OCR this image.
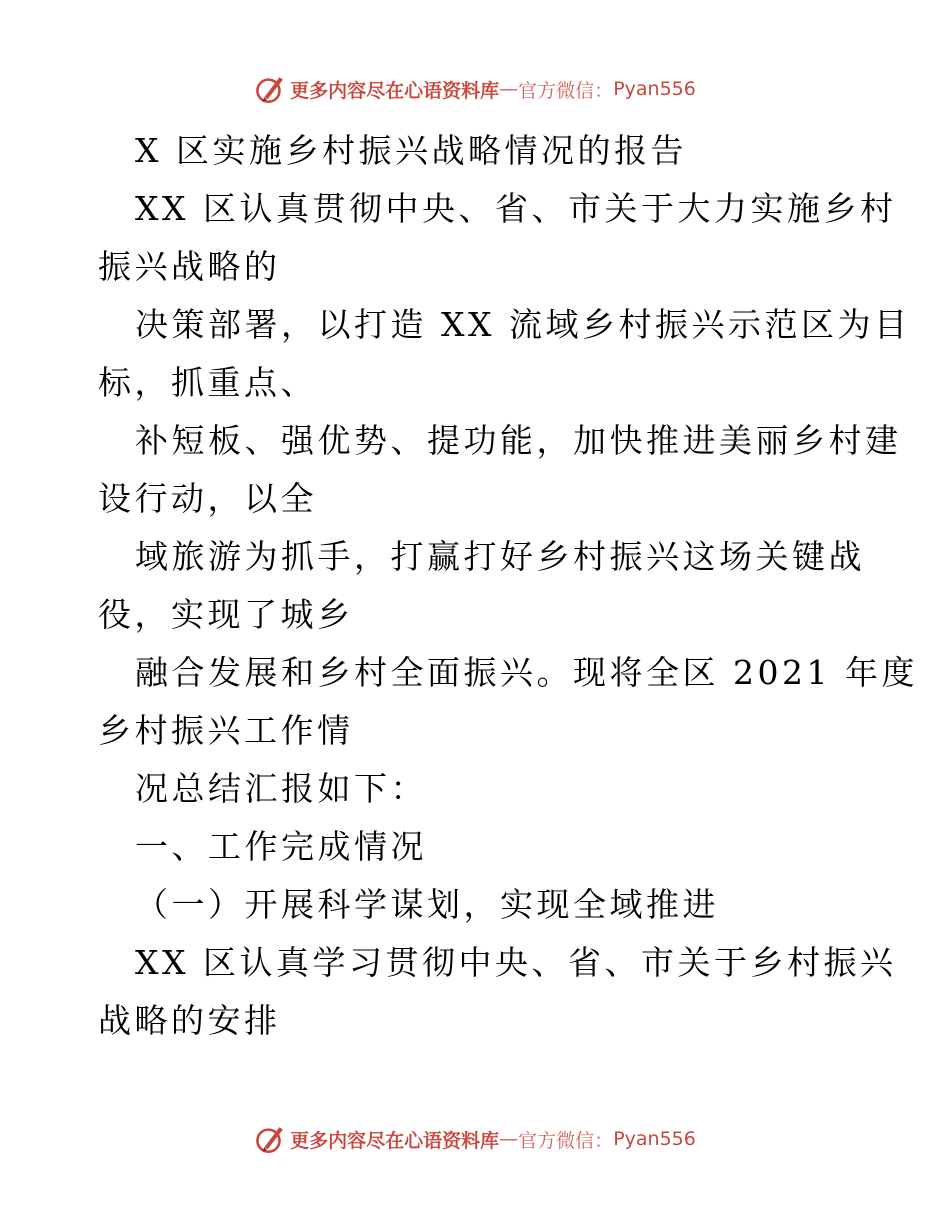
更多内容尽在心语资料库 — 官方微信： Pyan556
X 区实施乡村振兴战略情况的报告
XX 区认真贯彻中央、省、市关于大力实施乡村
振兴战略的
决策部署，以打造 XX 流域乡村振兴示范区为目
标，抓重点、
补短板、强优势、提功能，加快推进美丽乡村建
设行动，以全
域旅游为抓手，打赢打好乡村振兴这场关键战
役，实现了城乡
融合发展和乡村全面振兴。现将全区 2021 年度
乡村振兴工作情
况总结汇报如下：
一、工作完成情况
（一）开展科学谋划，实现全域推进
XX 区认真学习贯彻中央、省、市关于乡村振兴
战略的安排
更多内容尽在心语资料库 — 官方微信： Pyan556
